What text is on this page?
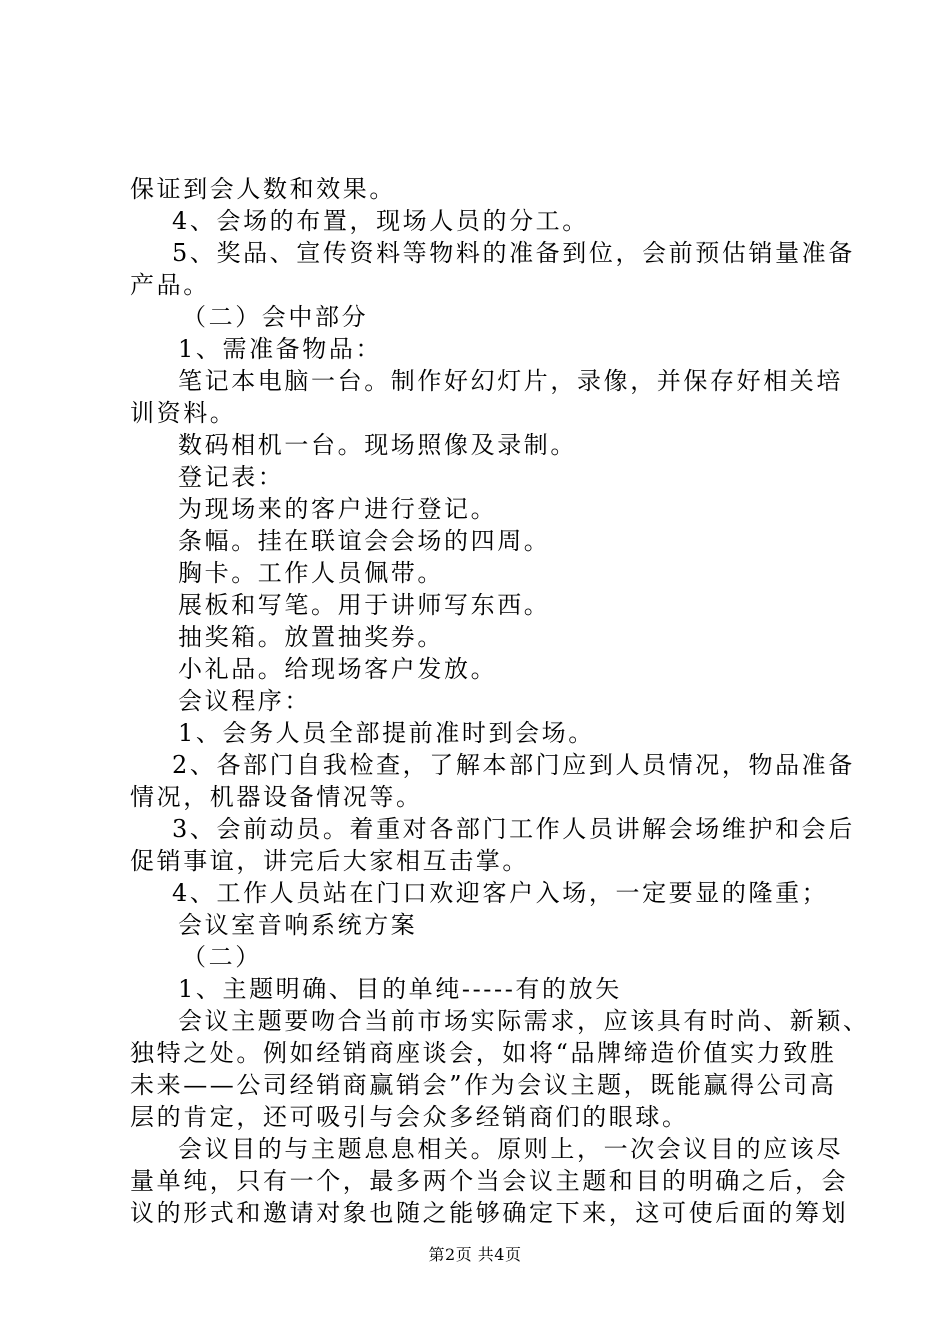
保证到会人数和效果。
4、会场的布置，现场人员的分工。
5、奖品、宣传资料等物料的准备到位，会前预估销量准备
产品。
（二）会中部分
1、需准备物品：
笔记本电脑一台。制作好幻灯片，录像，并保存好相关培
训资料。
数码相机一台。现场照像及录制。
登记表：
为现场来的客户进行登记。
条幅。挂在联谊会会场的四周。
胸卡。工作人员佩带。
展板和写笔。用于讲师写东西。
抽奖箱。放置抽奖券。
小礼品。给现场客户发放。
会议程序：
1、会务人员全部提前准时到会场。
2、各部门自我检查，了解本部门应到人员情况，物品准备
情况，机器设备情况等。
3、会前动员。着重对各部门工作人员讲解会场维护和会后
促销事谊，讲完后大家相互击掌。
4、工作人员站在门口欢迎客户入场，一定要显的隆重；
会议室音响系统方案
（二）
1、主题明确、目的单纯-----有的放矢
会议主题要吻合当前市场实际需求，应该具有时尚、新颖、
独特之处。例如经销商座谈会，如将“品牌缔造价值实力致胜
未来——公司经销商赢销会”作为会议主题，既能赢得公司高
层的肯定，还可吸引与会众多经销商们的眼球。
会议目的与主题息息相关。原则上，一次会议目的应该尽
量单纯，只有一个，最多两个当会议主题和目的明确之后，会
议的形式和邀请对象也随之能够确定下来，这可使后面的筹划
第2页 共4页
